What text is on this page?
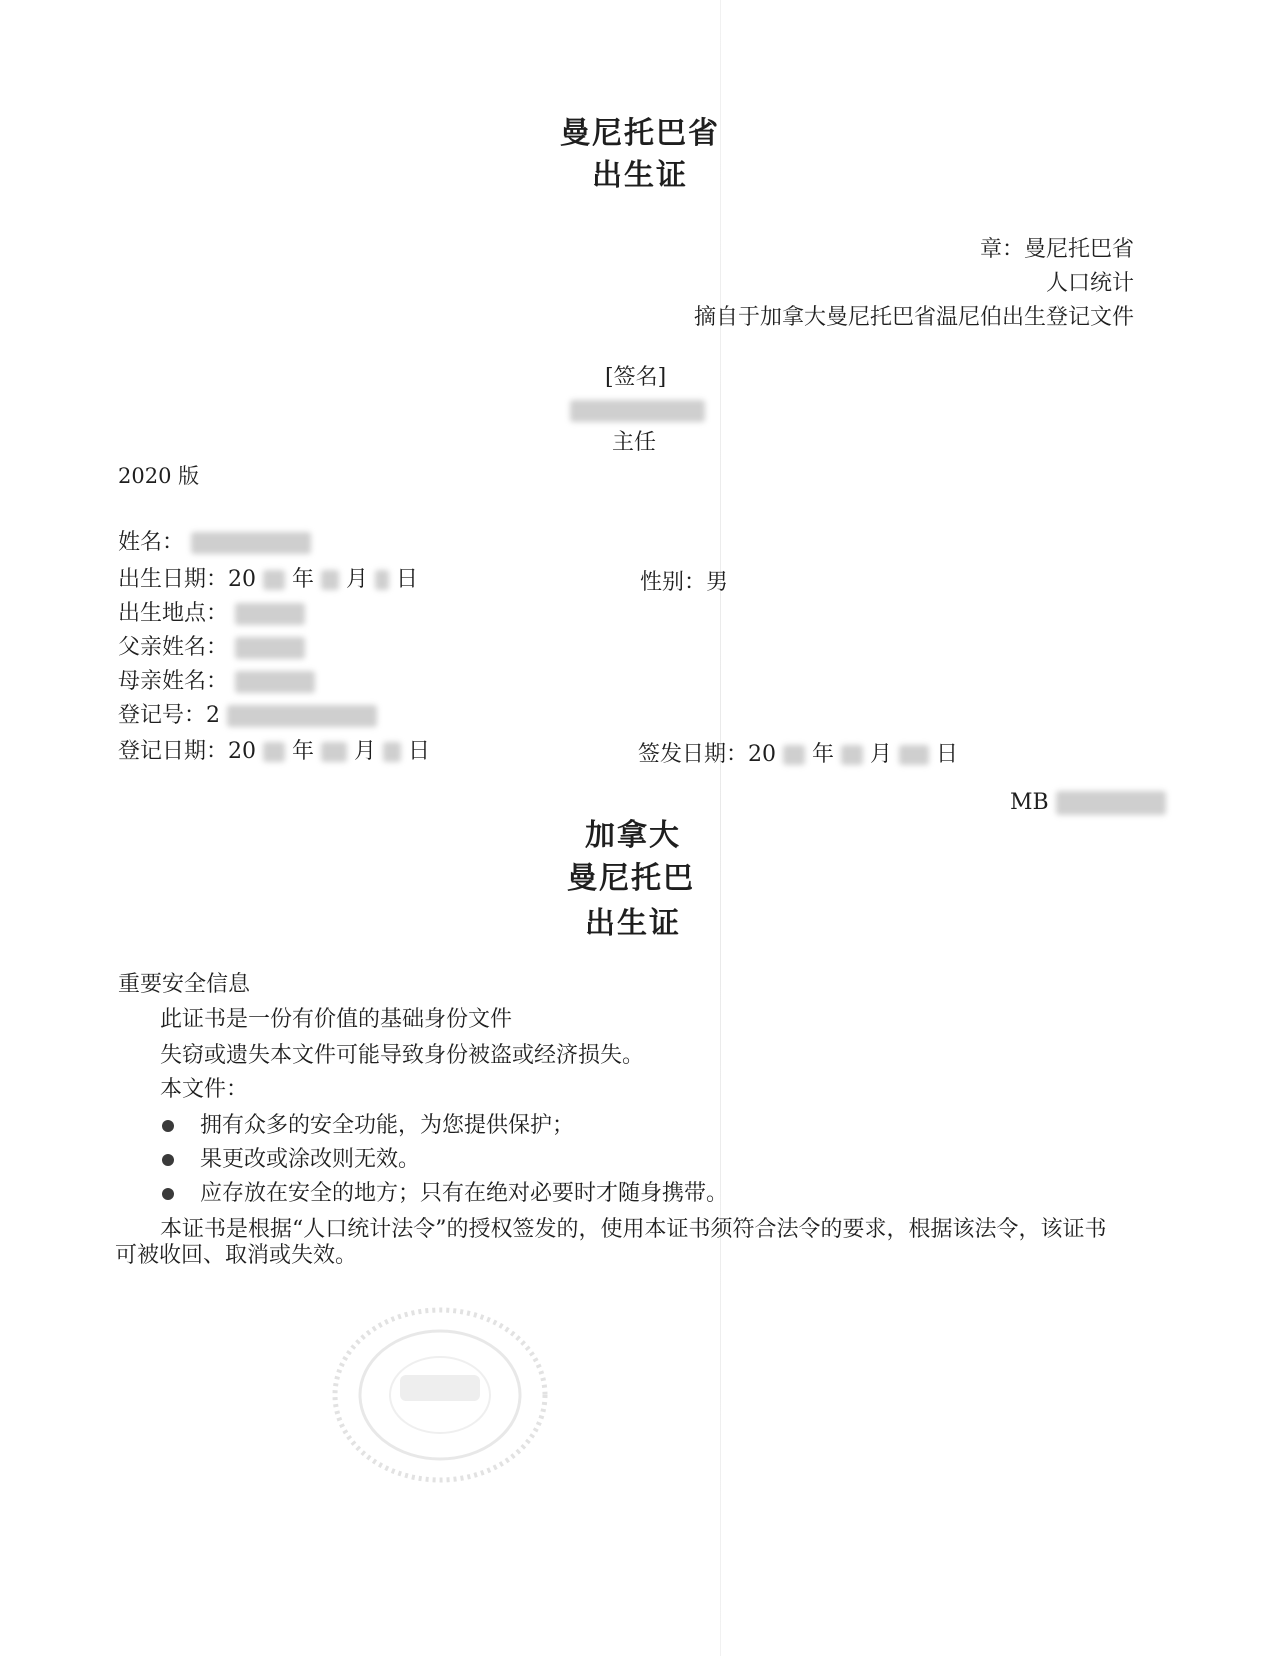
曼尼托巴省
出生证
章：曼尼托巴省
人口统计
摘自于加拿大曼尼托巴省温尼伯出生登记文件
[签名]
主任
2020 版
姓名：
出生日期：20 年 月 日	性别：男
出生地点：
父亲姓名：
母亲姓名：
登记号：2
登记日期：20 年 月 日	签发日期：20 年 月 日
MB
加拿大
曼尼托巴
出生证
重要安全信息
此证书是一份有价值的基础身份文件
失窃或遗失本文件可能导致身份被盗或经济损失。
本文件：
拥有众多的安全功能，为您提供保护；
果更改或涂改则无效。
应存放在安全的地方；只有在绝对必要时才随身携带。
本证书是根据“人口统计法令”的授权签发的，使用本证书须符合法令的要求，根据该法令，该证书
可被收回、取消或失效。
